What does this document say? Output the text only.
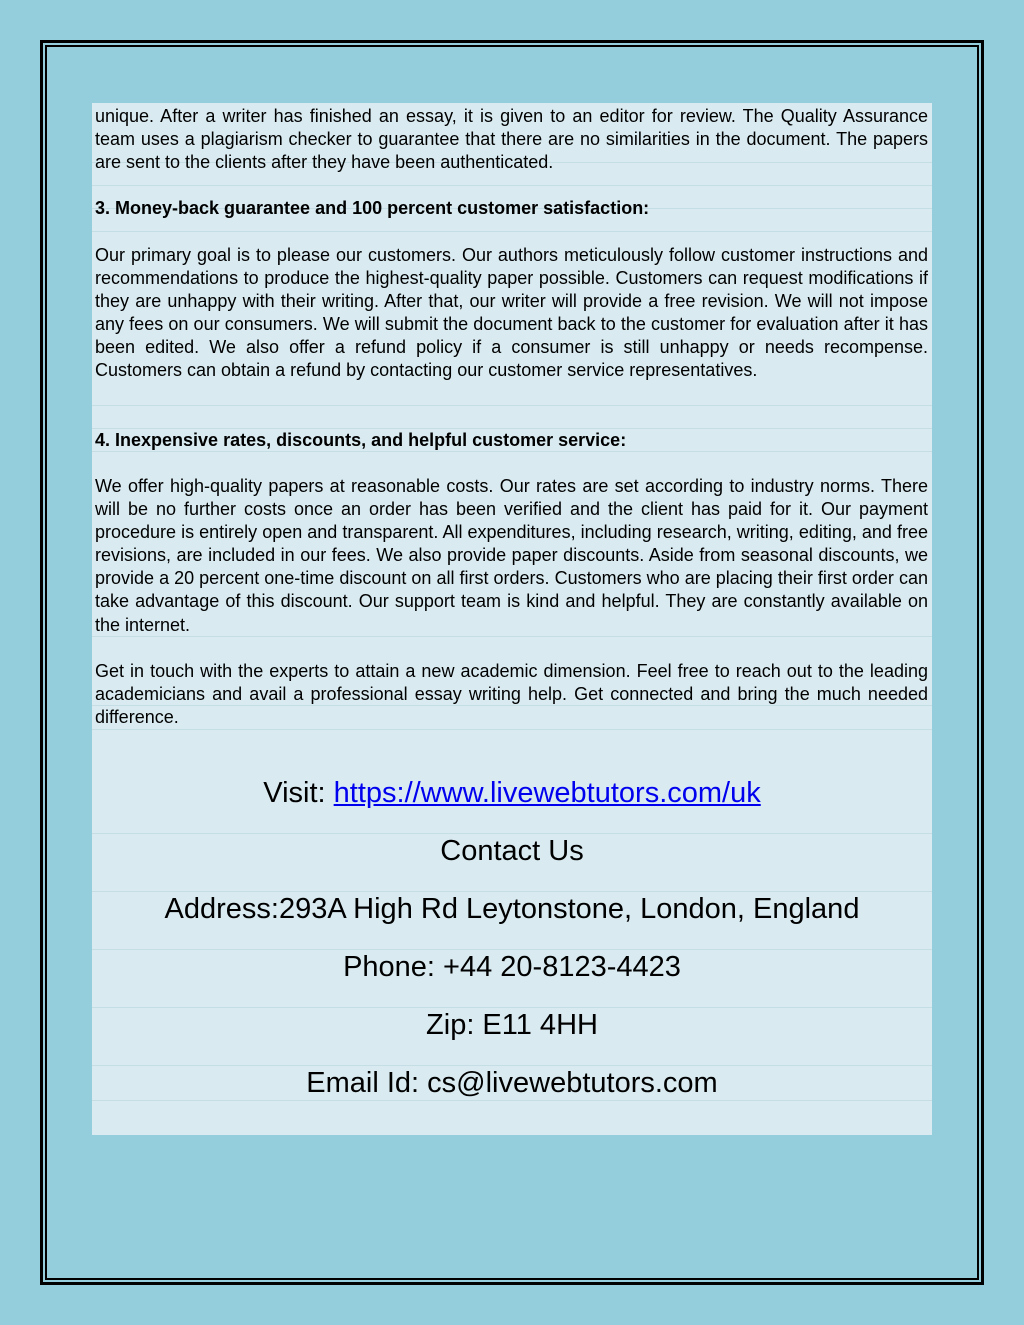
unique. After a writer has finished an essay, it is given to an editor for review. The Quality Assurance team uses a plagiarism checker to guarantee that there are no similarities in the document. The papers are sent to the clients after they have been authenticated.
3. Money-back guarantee and 100 percent customer satisfaction:
Our primary goal is to please our customers. Our authors meticulously follow customer instructions and recommendations to produce the highest-quality paper possible. Customers can request modifications if they are unhappy with their writing. After that, our writer will provide a free revision. We will not impose any fees on our consumers. We will submit the document back to the customer for evaluation after it has been edited. We also offer a refund policy if a consumer is still unhappy or needs recompense. Customers can obtain a refund by contacting our customer service representatives.
4. Inexpensive rates, discounts, and helpful customer service:
We offer high-quality papers at reasonable costs. Our rates are set according to industry norms. There will be no further costs once an order has been verified and the client has paid for it. Our payment procedure is entirely open and transparent. All expenditures, including research, writing, editing, and free revisions, are included in our fees. We also provide paper discounts. Aside from seasonal discounts, we provide a 20 percent one-time discount on all first orders. Customers who are placing their first order can take advantage of this discount. Our support team is kind and helpful. They are constantly available on the internet.
Get in touch with the experts to attain a new academic dimension. Feel free to reach out to the leading academicians and avail a professional essay writing help. Get connected and bring the much needed difference.
Visit: https://www.livewebtutors.com/uk
Contact Us
Address:293A High Rd Leytonstone, London, England
Phone: +44 20-8123-4423
Zip: E11 4HH
Email Id: cs@livewebtutors.com
